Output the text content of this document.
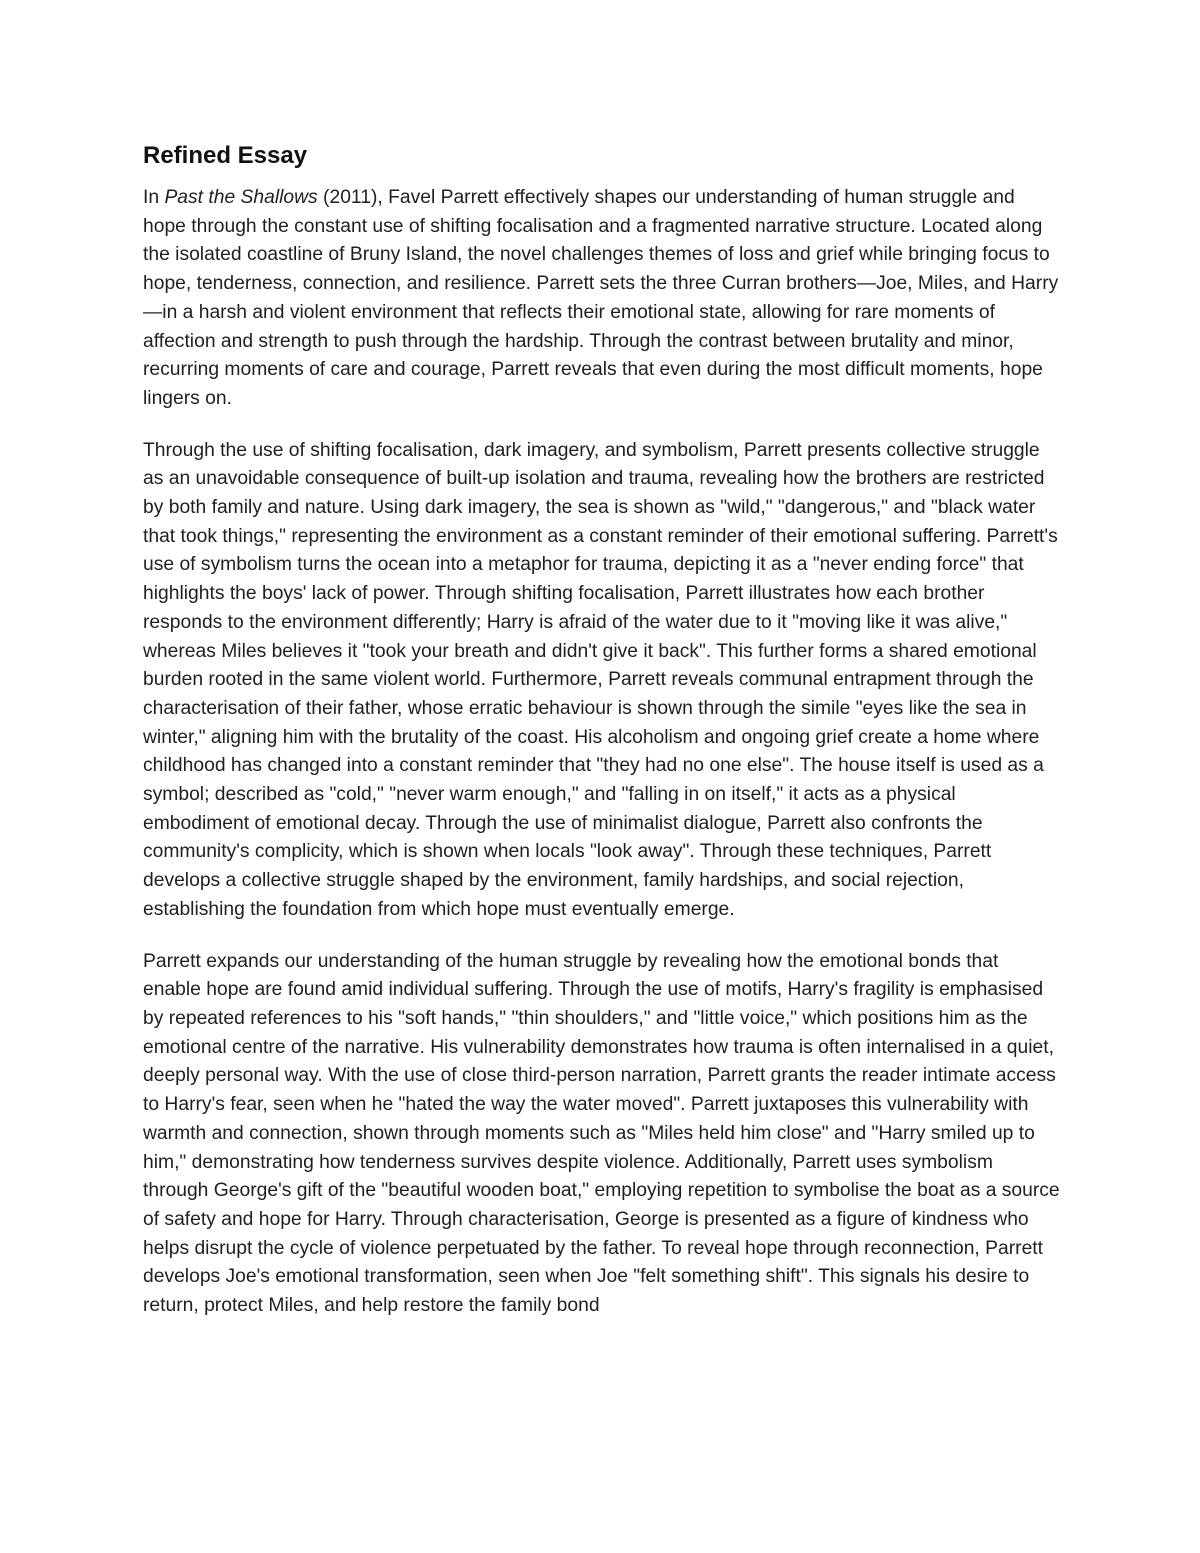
Refined Essay

In Past the Shallows (2011), Favel Parrett effectively shapes our understanding of human struggle and hope through the constant use of shifting focalisation and a fragmented narrative structure. Located along the isolated coastline of Bruny Island, the novel challenges themes of loss and grief while bringing focus to hope, tenderness, connection, and resilience. Parrett sets the three Curran brothers—Joe, Miles, and Harry—in a harsh and violent environment that reflects their emotional state, allowing for rare moments of affection and strength to push through the hardship. Through the contrast between brutality and minor, recurring moments of care and courage, Parrett reveals that even during the most difficult moments, hope lingers on.

Through the use of shifting focalisation, dark imagery, and symbolism, Parrett presents collective struggle as an unavoidable consequence of built-up isolation and trauma, revealing how the brothers are restricted by both family and nature. Using dark imagery, the sea is shown as "wild," "dangerous," and "black water that took things," representing the environment as a constant reminder of their emotional suffering. Parrett's use of symbolism turns the ocean into a metaphor for trauma, depicting it as a "never ending force" that highlights the boys' lack of power. Through shifting focalisation, Parrett illustrates how each brother responds to the environment differently; Harry is afraid of the water due to it "moving like it was alive," whereas Miles believes it "took your breath and didn't give it back". This further forms a shared emotional burden rooted in the same violent world. Furthermore, Parrett reveals communal entrapment through the characterisation of their father, whose erratic behaviour is shown through the simile "eyes like the sea in winter," aligning him with the brutality of the coast. His alcoholism and ongoing grief create a home where childhood has changed into a constant reminder that "they had no one else". The house itself is used as a symbol; described as "cold," "never warm enough," and "falling in on itself," it acts as a physical embodiment of emotional decay. Through the use of minimalist dialogue, Parrett also confronts the community's complicity, which is shown when locals "look away". Through these techniques, Parrett develops a collective struggle shaped by the environment, family hardships, and social rejection, establishing the foundation from which hope must eventually emerge.

Parrett expands our understanding of the human struggle by revealing how the emotional bonds that enable hope are found amid individual suffering. Through the use of motifs, Harry's fragility is emphasised by repeated references to his "soft hands," "thin shoulders," and "little voice," which positions him as the emotional centre of the narrative. His vulnerability demonstrates how trauma is often internalised in a quiet, deeply personal way. With the use of close third-person narration, Parrett grants the reader intimate access to Harry's fear, seen when he "hated the way the water moved". Parrett juxtaposes this vulnerability with warmth and connection, shown through moments such as "Miles held him close" and "Harry smiled up to him," demonstrating how tenderness survives despite violence. Additionally, Parrett uses symbolism through George's gift of the "beautiful wooden boat," employing repetition to symbolise the boat as a source of safety and hope for Harry. Through characterisation, George is presented as a figure of kindness who helps disrupt the cycle of violence perpetuated by the father. To reveal hope through reconnection, Parrett develops Joe's emotional transformation, seen when Joe "felt something shift". This signals his desire to return, protect Miles, and help restore the family bond
